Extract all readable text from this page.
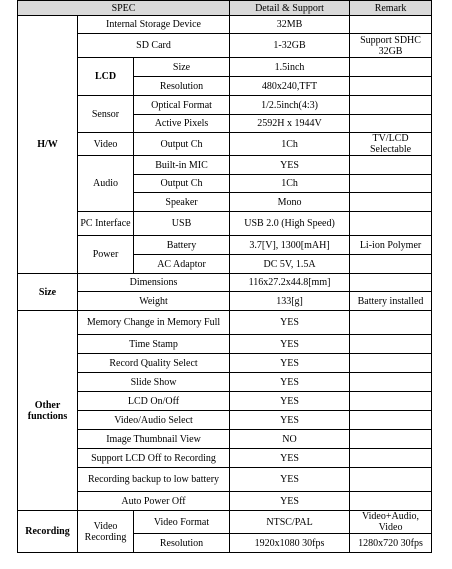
SPEC			Detail & Support	Remark
H/W	Internal Storage Device		32MB	
	SD Card		1-32GB	Support SDHC 32GB
	LCD	Size	1.5inch	
		Resolution	480x240,TFT	
	Sensor	Optical Format	1/2.5inch(4:3)	
		Active Pixels	2592H x 1944V	
	Video	Output Ch	1Ch	TV/LCD Selectable
	Audio	Built-in MIC	YES	
		Output Ch	1Ch	
		Speaker	Mono	
	PC Interface	USB	USB 2.0 (High Speed)	
	Power	Battery	3.7[V], 1300[mAH]	Li-ion Polymer
		AC Adaptor	DC 5V, 1.5A	
Size	Dimensions		116x27.2x44.8[mm]	
	Weight		133[g]	Battery installed
Other functions	Memory Change in Memory Full		YES	
	Time Stamp		YES	
	Record Quality Select		YES	
	Slide Show		YES	
	LCD On/Off		YES	
	Video/Audio Select		YES	
	Image Thumbnail View		NO	
	Support LCD Off to Recording		YES	
	Recording backup to low battery		YES	
	Auto Power Off		YES	
Recording	Video Recording	Video Format	NTSC/PAL	Video+Audio, Video
		Resolution	1920x1080 30fps	1280x720 30fps
